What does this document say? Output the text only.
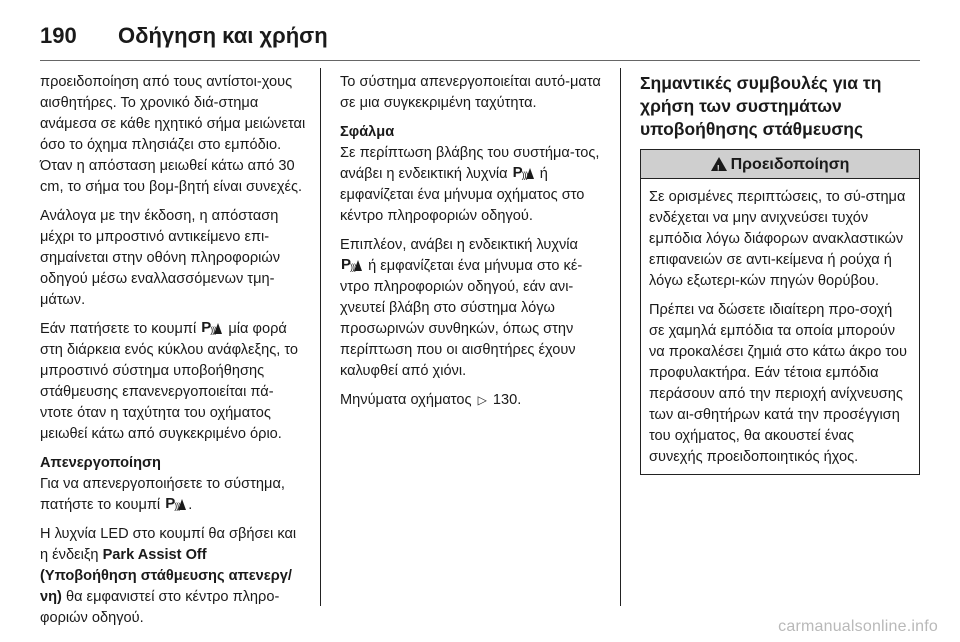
190	Οδήγηση και χρήση

προειδοποίηση από τους αντίστοι-χους αισθητήρες. Το χρονικό διά-στημα ανάμεσα σε κάθε ηχητικό σήμα μειώνεται όσο το όχημα πλησιάζει στο εμπόδιο. Όταν η απόσταση μειωθεί κάτω από 30 cm, το σήμα του βομ-βητή είναι συνεχές.

Ανάλογα με την έκδοση, η απόσταση μέχρι το μπροστινό αντικείμενο επι-σημαίνεται στην οθόνη πληροφοριών οδηγού μέσω εναλλασσόμενων τμη-μάτων.

Εάν πατήσετε το κουμπί P
))) μία φορά στη διάρκεια ενός κύκλου ανάφλεξης, το μπροστινό σύστημα υποβοήθησης στάθμευσης επανενεργοποιείται πά-ντοτε όταν η ταχύτητα του οχήματος μειωθεί κάτω από συγκεκριμένο όριο.

Απενεργοποίηση

Για να απενεργοποιήσετε το σύστημα, πατήστε το κουμπί P
))) .

Η λυχνία LED στο κουμπί θα σβήσει και η ένδειξη Park Assist Off (Υποβοήθηση στάθμευσης απενεργ/ νη) θα εμφανιστεί στο κέντρο πληρο-φοριών οδηγού.

Το σύστημα απενεργοποιείται αυτό-ματα σε μια συγκεκριμένη ταχύτητα.

Σφάλμα

Σε περίπτωση βλάβης του συστήμα-τος, ανάβει η ενδεικτική λυχνία P
))) ή εμφανίζεται ένα μήνυμα οχήματος στο κέντρο πληροφοριών οδηγού.

Επιπλέον, ανάβει η ενδεικτική λυχνία
P
))) ή εμφανίζεται ένα μήνυμα στο κέ-ντρο πληροφοριών οδηγού, εάν ανι-χνευτεί βλάβη στο σύστημα λόγω προσωρινών συνθηκών, όπως στην περίπτωση που οι αισθητήρες έχουν καλυφθεί από χιόνι.

Μηνύματα οχήματος ▷ 130.

Σημαντικές συμβουλές για τη χρήση των συστημάτων υποβοήθησης στάθμευσης

!
Προειδοποίηση

Σε ορισμένες περιπτώσεις, το σύ-στημα ενδέχεται να μην ανιχνεύσει τυχόν εμπόδια λόγω διάφορων ανακλαστικών επιφανειών σε αντι-κείμενα ή ρούχα ή λόγω εξωτερι-κών πηγών θορύβου.

Πρέπει να δώσετε ιδιαίτερη προ-σοχή σε χαμηλά εμπόδια τα οποία μπορούν να προκαλέσει ζημιά στο κάτω άκρο του προφυλακτήρα. Εάν τέτοια εμπόδια περάσουν από την περιοχή ανίχνευσης των αι-σθητήρων κατά την προσέγγιση του οχήματος, θα ακουστεί ένας συνεχής προειδοποιητικός ήχος.

carmanualsonline.info
